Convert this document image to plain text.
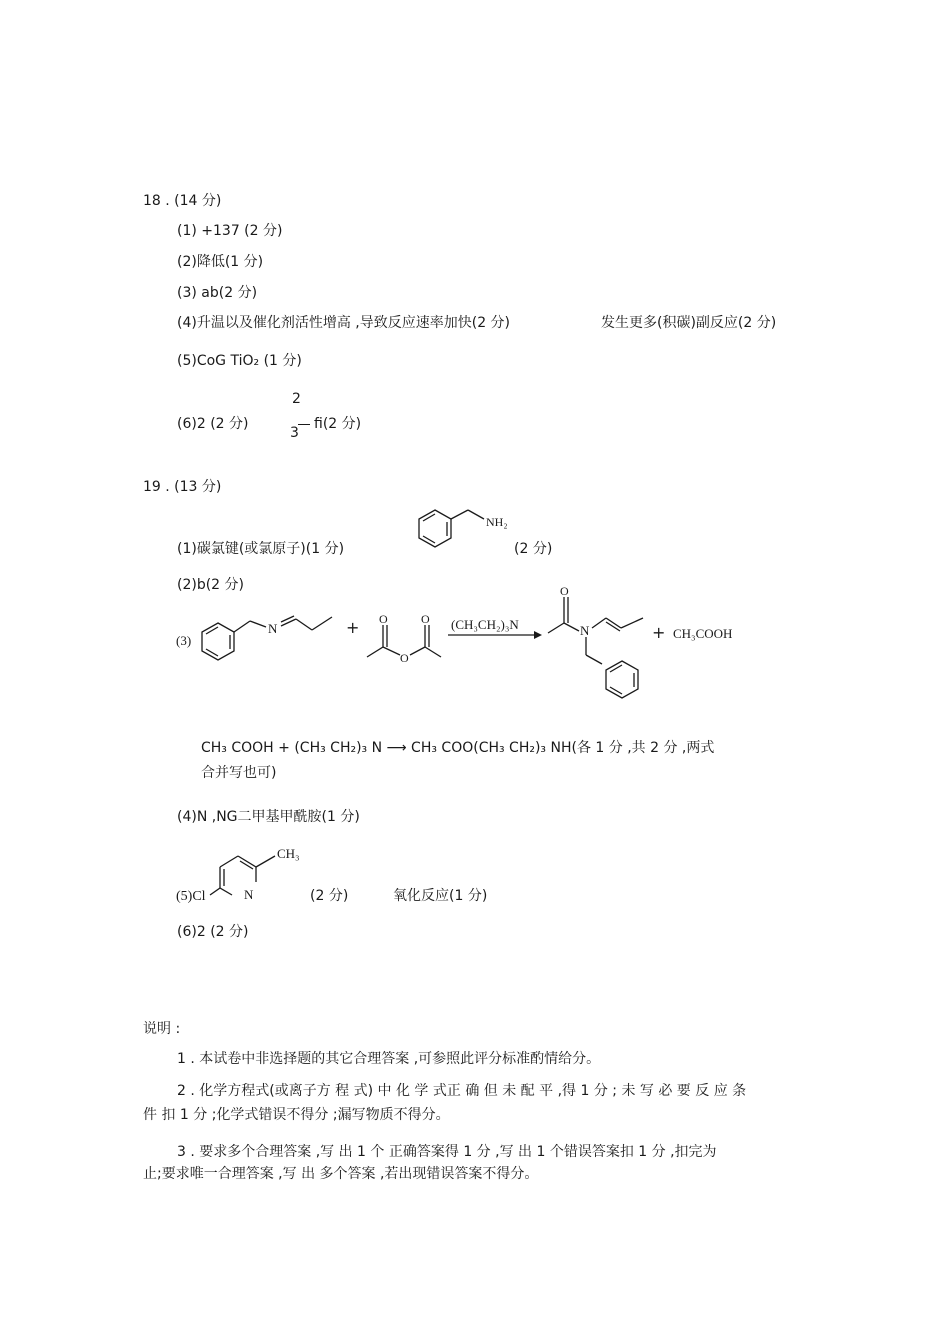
18 . (14 分)
(1) +137 (2 分)
(2)降低(1 分)
(3) ab(2 分)
(4)升温以及催化剂活性增高 ,导致反应速率加快(2 分)	发生更多(积碳)副反应(2 分)
(5)CoG TiO₂ (1 分)
(6)2 (2 分)
2
3
fi(2 分)
19 . (13 分)
(1)碳氯键(或氯原子)(1 分)
NH₂
(2 分)
(2)b(2 分)
(3)
N	+ O
O
O (CH₃CH₂)₃N
O
N	+ CH₃COOH
CH₃ COOH + (CH₃ CH₂)₃ N ⟶ CH₃ COO(CH₃ CH₂)₃ NH(各 1 分 ,共 2 分 ,两式
合并写也可)
(4)N ,NG二甲基甲酰胺(1 分)
(5)Cl	N
CH₃
(2 分)	氧化反应(1 分)
(6)2 (2 分)
说明 :
1 . 本试卷中非选择题的其它合理答案 ,可参照此评分标准酌情给分。
2 . 化学方程式(或离子方 程 式) 中 化 学 式正 确 但 未 配 平 ,得 1 分 ; 未 写 必 要 反 应 条
件 扣 1 分 ;化学式错误不得分 ;漏写物质不得分。
3 . 要求多个合理答案 ,写 出 1 个 正确答案得 1 分 ,写 出 1 个错误答案扣 1 分 ,扣完为
止;要求唯一合理答案 ,写 出 多个答案 ,若出现错误答案不得分。
